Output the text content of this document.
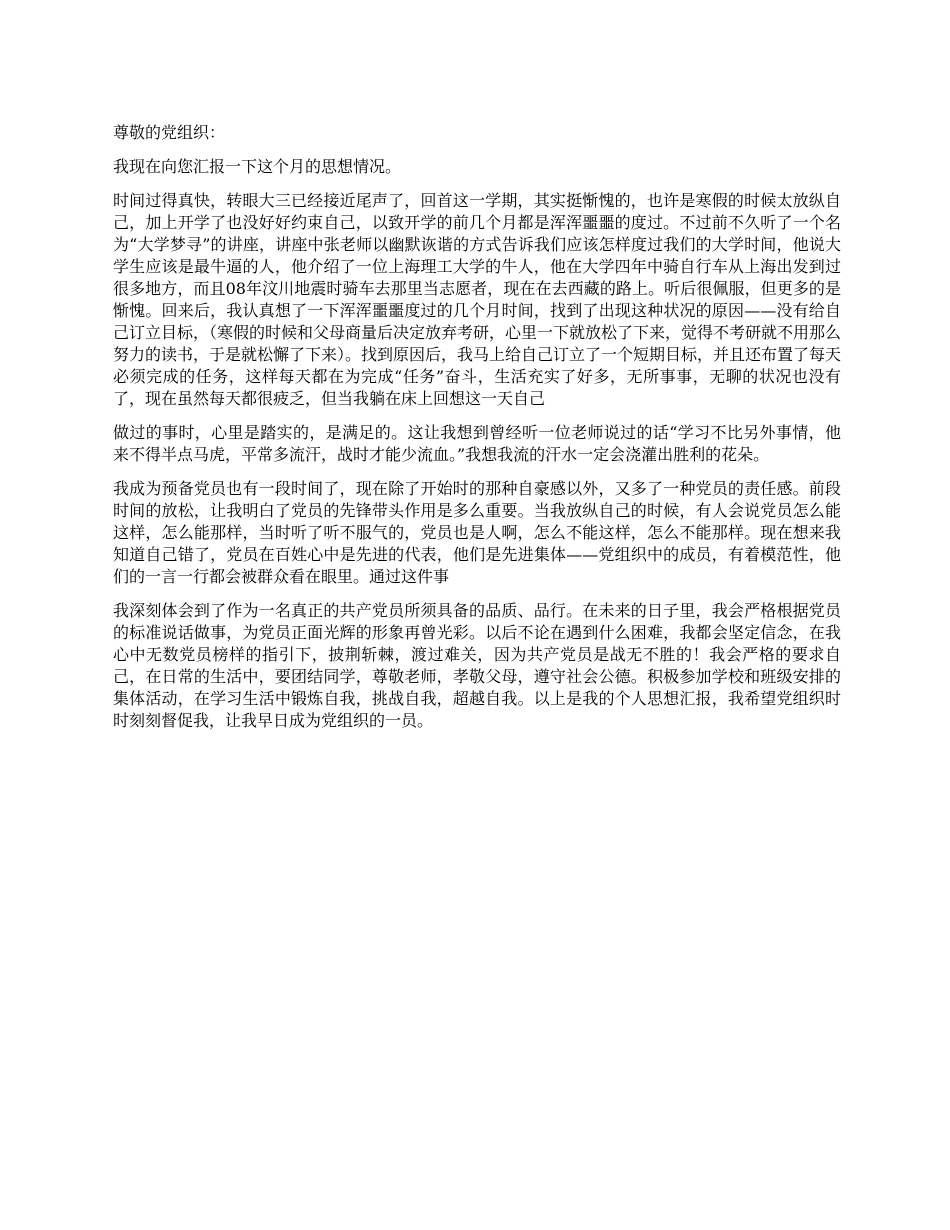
尊敬的党组织：

我现在向您汇报一下这个月的思想情况。

时间过得真快，转眼大三已经接近尾声了，回首这一学期，其实挺惭愧的，也许是寒假的时候太放纵自己，加上开学了也没好好约束自己，以致开学的前几个月都是浑浑噩噩的度过。不过前不久听了一个名为“大学梦寻”的讲座，讲座中张老师以幽默诙谐的方式告诉我们应该怎样度过我们的大学时间，他说大学生应该是最牛逼的人，他介绍了一位上海理工大学的牛人，他在大学四年中骑自行车从上海出发到过很多地方，而且08年汶川地震时骑车去那里当志愿者，现在在去西藏的路上。听后很佩服，但更多的是惭愧。回来后，我认真想了一下浑浑噩噩度过的几个月时间，找到了出现这种状况的原因——没有给自己订立目标，（寒假的时候和父母商量后决定放弃考研，心里一下就放松了下来，觉得不考研就不用那么努力的读书，于是就松懈了下来）。找到原因后，我马上给自己订立了一个短期目标，并且还布置了每天必须完成的任务，这样每天都在为完成“任务”奋斗，生活充实了好多，无所事事，无聊的状况也没有了，现在虽然每天都很疲乏，但当我躺在床上回想这一天自己

做过的事时，心里是踏实的，是满足的。这让我想到曾经听一位老师说过的话“学习不比另外事情，他来不得半点马虎，平常多流汗，战时才能少流血。”我想我流的汗水一定会浇灌出胜利的花朵。

我成为预备党员也有一段时间了，现在除了开始时的那种自豪感以外，又多了一种党员的责任感。前段时间的放松，让我明白了党员的先锋带头作用是多么重要。当我放纵自己的时候，有人会说党员怎么能这样，怎么能那样，当时听了听不服气的，党员也是人啊，怎么不能这样，怎么不能那样。现在想来我知道自己错了，党员在百姓心中是先进的代表，他们是先进集体——党组织中的成员，有着模范性，他们的一言一行都会被群众看在眼里。通过这件事

我深刻体会到了作为一名真正的共产党员所须具备的品质、品行。在未来的日子里，我会严格根据党员的标准说话做事，为党员正面光辉的形象再曾光彩。以后不论在遇到什么困难，我都会坚定信念，在我心中无数党员榜样的指引下，披荆斩棘，渡过难关，因为共产党员是战无不胜的！我会严格的要求自己，在日常的生活中，要团结同学，尊敬老师，孝敬父母，遵守社会公德。积极参加学校和班级安排的集体活动，在学习生活中锻炼自我，挑战自我，超越自我。以上是我的个人思想汇报，我希望党组织时时刻刻督促我，让我早日成为党组织的一员。
